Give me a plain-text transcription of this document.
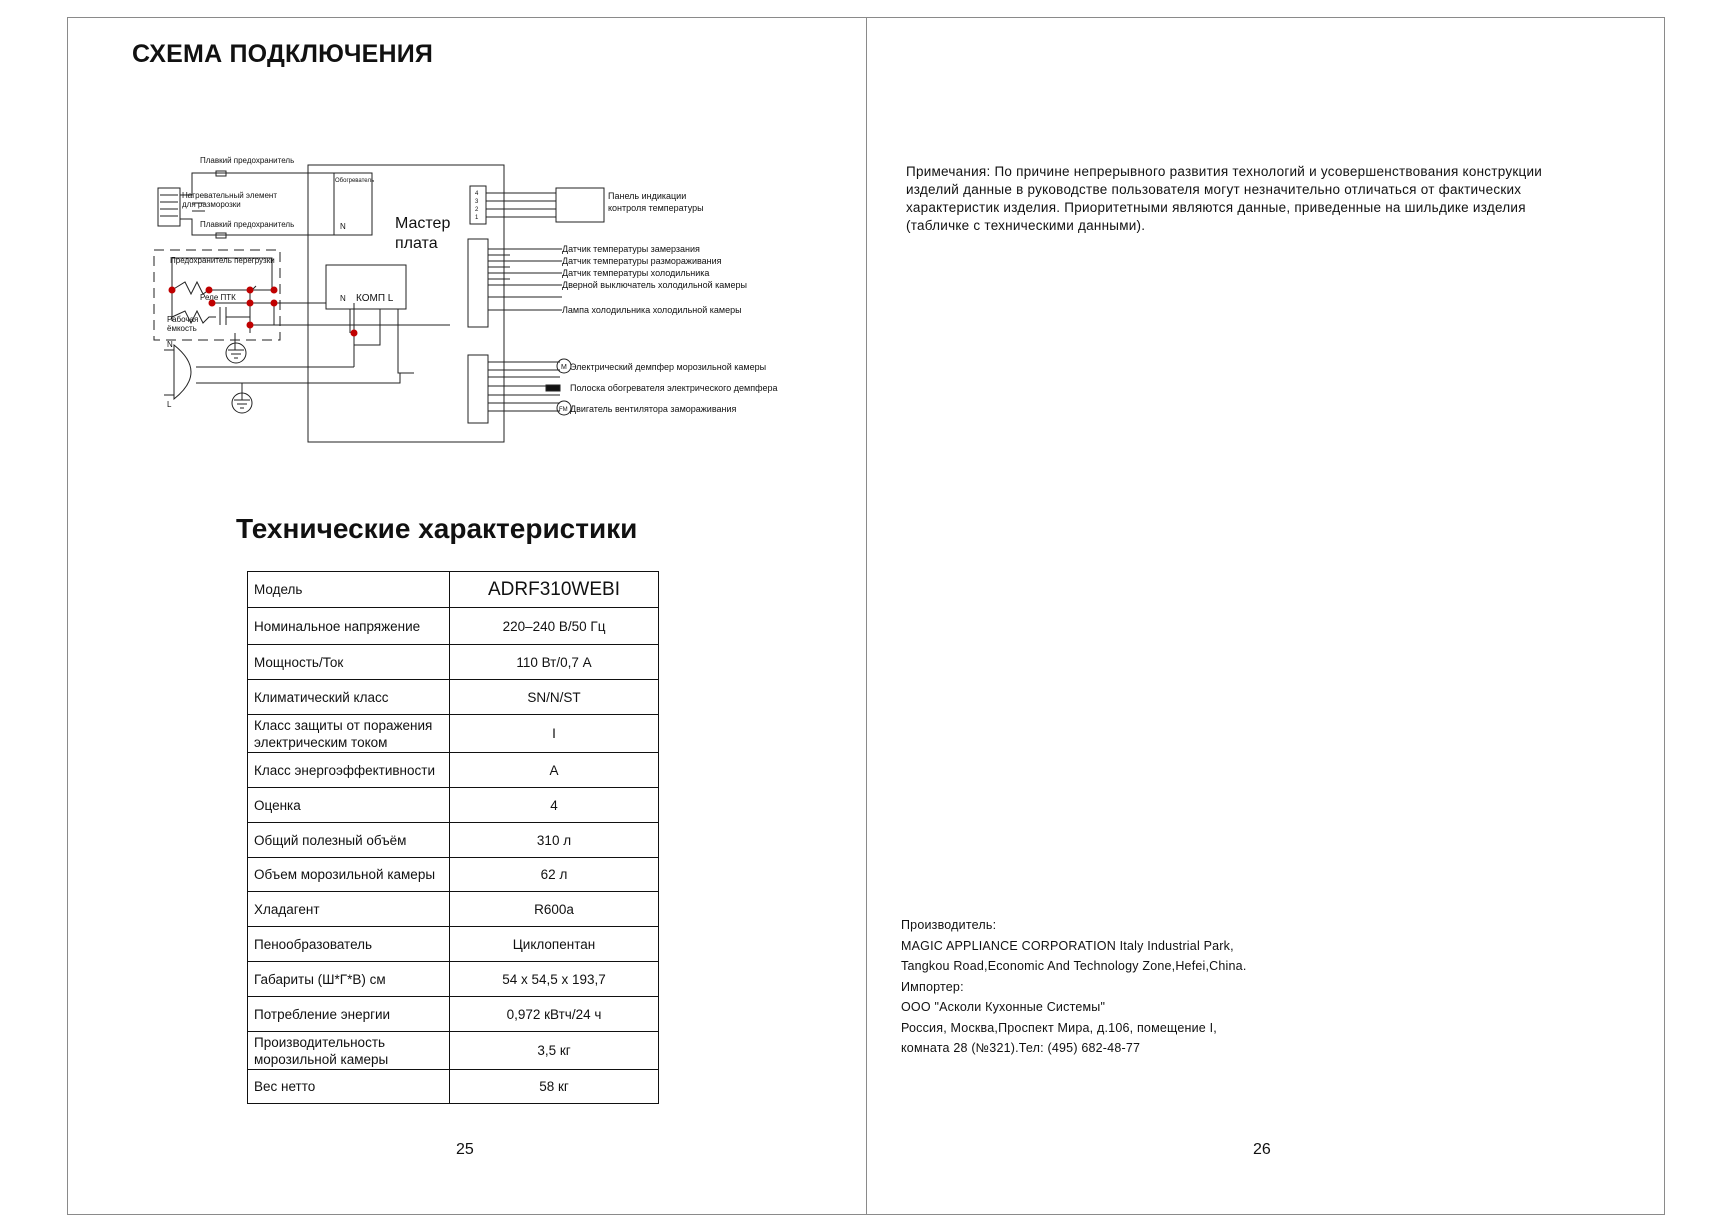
СХЕМА ПОДКЛЮЧЕНИЯ
Плавкий предохранитель
Обогреватель
N
Нагревательный элемент
для разморозки
Плавкий предохранитель	Мастер
плата
Предохранитель перегрузки
Реле ПТК
Рабочая
ёмкость
N КОМП L
N
L
Панель индикации
контроля температуры
Датчик температуры замерзания
Датчик температуры размораживания
Датчик температуры холодильника
Дверной выключатель холодильной камеры
Лампа холодильника холодильной камеры
Электрический демпфер морозильной камеры
Полоска обогревателя электрического демпфера
Двигатель вентилятора замораживания
M
FM
4
3
2
1
Технические характеристики
Модель	ADRF310WEBI
Номинальное напряжение	220–240 В/50 Гц
Мощность/Ток	110 Вт/0,7 А
Климатический класс	SN/N/ST
Класс защиты от поражения электрическим током	I
Класс энергоэффективности	A
Оценка	4
Общий полезный объём	310 л
Объем морозильной камеры	62 л
Хладагент	R600a
Пенообразователь	Циклопентан
Габариты (Ш*Г*В) см	54 x 54,5 x 193,7
Потребление энергии	0,972 кВтч/24 ч
Производительность морозильной камеры	3,5 кг
Вес нетто	58 кг
25
Примечания: По причине непрерывного развития технологий и усовершенствования конструкции изделий данные в руководстве пользователя могут незначительно отличаться от фактических характеристик изделия. Приоритетными являются данные, приведенные на шильдике изделия (табличке с техническими данными).
Производитель:
MAGIC APPLIANCE CORPORATION Italy Industrial Park,
Tangkou Road,Economic And Technology Zone,Hefei,China.
Импортер:
ООО "Асколи Кухонные Системы"
Россия, Москва,Проспект Мира, д.106, помещение I,
комната 28 (№321).Тел: (495) 682-48-77
26
